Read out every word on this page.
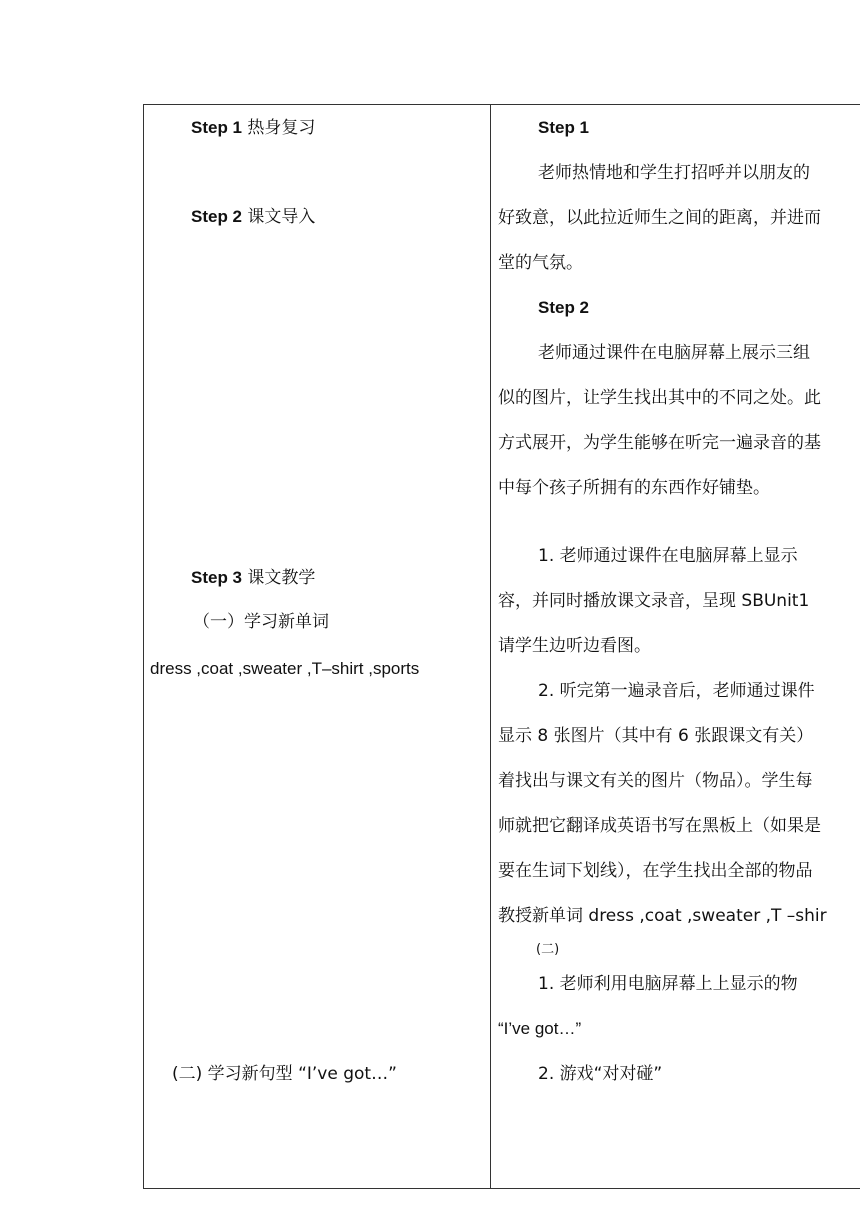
Step 1 热身复习
Step 2 课文导入
Step 3 课文教学
（一）学习新单词
dress ,coat ,sweater ,T–shirt ,sports
(二) 学习新句型 “I’ve got…”
Step 1
老师热情地和学生打招呼并以朋友的
好致意，以此拉近师生之间的距离，并进而
堂的气氛。
Step 2
老师通过课件在电脑屏幕上展示三组
似的图片，让学生找出其中的不同之处。此
方式展开，为学生能够在听完一遍录音的基
中每个孩子所拥有的东西作好铺垫。
1. 老师通过课件在电脑屏幕上显示
容，并同时播放课文录音，呈现 SBUnit1
请学生边听边看图。
2. 听完第一遍录音后，老师通过课件
显示 8 张图片（其中有 6 张跟课文有关）
着找出与课文有关的图片（物品）。学生每
师就把它翻译成英语书写在黑板上（如果是
要在生词下划线），在学生找出全部的物品
教授新单词 dress ,coat ,sweater ,T –shir
(二)
1. 老师利用电脑屏幕上上显示的物
“I’ve got…”
2. 游戏“对对碰”
